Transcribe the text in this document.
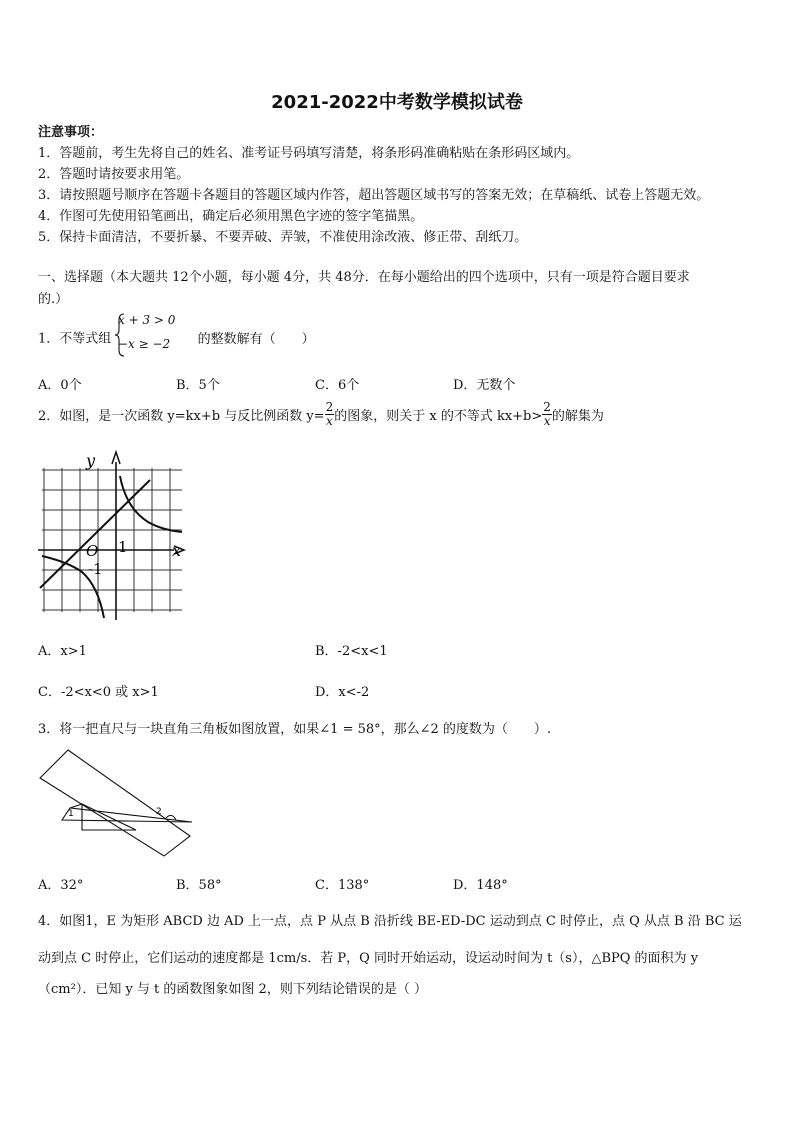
2021-2022中考数学模拟试卷
注意事项：
1．答题前，考生先将自己的姓名、准考证号码填写清楚，将条形码准确粘贴在条形码区域内。
2．答题时请按要求用笔。
3．请按照题号顺序在答题卡各题目的答题区域内作答，超出答题区域书写的答案无效；在草稿纸、试卷上答题无效。
4．作图可先使用铅笔画出，确定后必须用黑色字迹的签字笔描黑。
5．保持卡面清洁，不要折暴、不要弄破、弄皱，不准使用涂改液、修正带、刮纸刀。
一、选择题（本大题共 12个小题，每小题 4分，共 48分．在每小题给出的四个选项中，只有一项是符合题目要求
的.）
1．不等式组
x + 3 > 0
−x ≥ −2 的整数解有（　　）
A．0个	B．5个	C．6个	D．无数个
2．如图，是一次函数 y=kx+b 与反比例函数 $y= \frac{2}{x}$ 的图象，则关于 x 的不等式 $kx+b> \frac{2}{x}$ 的解集为
y
x
O 1
-1
A．x>1	B．-2<x<1
C．-2<x<0 或 x>1	D．x<-2
3．将一把直尺与一块直角三角板如图放置，如果∠1 = 58°，那么∠2 的度数为（　　）.
1	2
A．32°	B．58°	C．138°	D．148°
4．如图1，E 为矩形 ABCD 边 AD 上一点，点 P 从点 B 沿折线 BE-ED-DC 运动到点 C 时停止，点 Q 从点 B 沿 BC 运
动到点 C 时停止，它们运动的速度都是 1cm/s．若 P，Q 同时开始运动，设运动时间为 t（s），△BPQ 的面积为 y
（cm²）．已知 y 与 t 的函数图象如图 2，则下列结论错误的是（ ）
